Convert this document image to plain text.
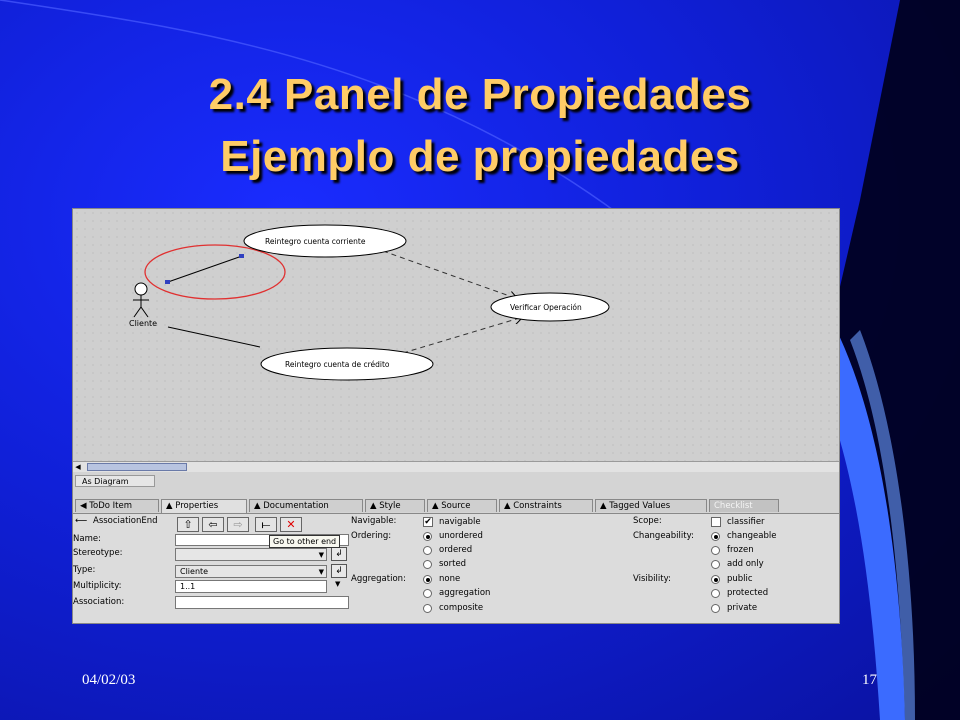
2.4 Panel de Propiedades
Ejemplo de propiedades
Cliente
Reintegro cuenta corriente
Verificar Operación
Reintegro cuenta de crédito
◀
As Diagram
◀ ToDo Item	▲ Properties	▲ Documentation	▲ Style	▲ Source	▲ Constraints	▲ Tagged Values	Checklist
⟵ AssociationEnd	⇧	⇦	⇨	⟝	✕
Name:
Stereotype:	▼	↲
Type:	Cliente	▼	↲
Multiplicity:	1..1	▼
Association:
Navigable:	✔ navigable
Ordering:	unordered
ordered
sorted
Aggregation:	none
aggregation
composite
Scope:	classifier
Changeability:	changeable
frozen
add only
Visibility:	public
protected
private
Go to other end
04/02/03	17
